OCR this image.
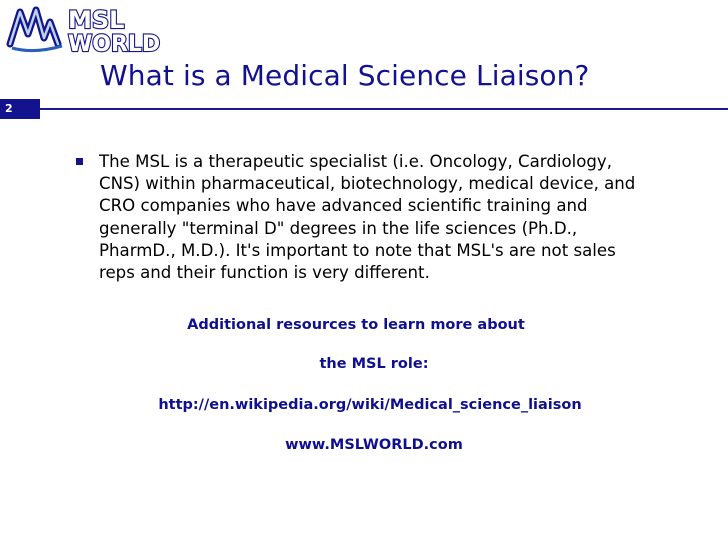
MSL
WORLD
What is a Medical Science Liaison?
2
The MSL is a therapeutic specialist (i.e. Oncology, Cardiology,
CNS) within pharmaceutical, biotechnology, medical device, and
CRO companies who have advanced scientific training and
generally "terminal D" degrees in the life sciences (Ph.D.,
PharmD., M.D.). It's important to note that MSL's are not sales
reps and their function is very different.
Additional resources to learn more about
the MSL role:
http://en.wikipedia.org/wiki/Medical_science_liaison
www.MSLWORLD.com
